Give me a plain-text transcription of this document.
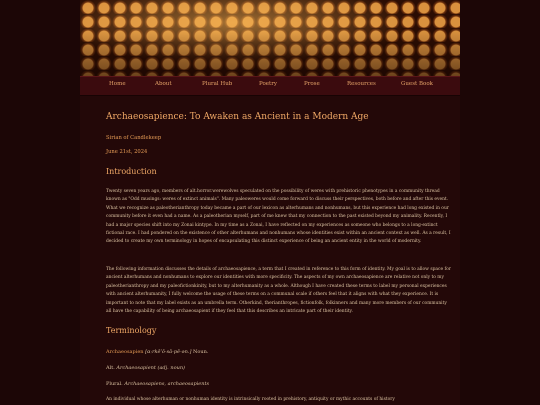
Home	About	Plural Hub	Poetry	Prose	Resources	Guest Book
Archaeosapience: To Awaken as Ancient in a Modern Age
Sirian of Candlekeep
June 21st, 2024
Introduction
Twenty seven years ago, members of alt.horror.werewolves speculated on the possibility of weres with prehistoric phenotypes in a community thread known as "Odd musings: weres of extinct animals". Many paleoweres would come forward to discuss their perspectives, both before and after this event. What we recognize as paleotherianthropy today became a part of our lexicon as alterhumans and nonhumans, but this experience had long existed in our community before it even had a name. As a paleotherian myself, part of me knew that my connection to the past existed beyond my animality. Recently, I had a major species shift into my Zonai kintype. In my time as a Zonai, I have reflected on my experiences as someone who belongs to a long-extinct fictional race. I had pondered on the existence of other alterhumans and nonhumans whose identities exist within an ancient context as well. As a result, I decided to create my own terminology in hopes of encapsulating this distinct experience of being an ancient entity in the world of modernity.
The following information discusses the details of archaeosapience, a term that I created in reference to this form of identity. My goal is to allow space for ancient alterhumans and nonhumans to explore our identities with more specificity. The aspects of my own archaeosapience are relative not only to my paleotherianthropy and my paleofictionkinity, but to my alterhumanity as a whole. Although I have created these terms to label my personal experiences with ancient alterhumanity, I fully welcome the usage of these terms on a communal scale if others feel that it aligns with what they experience. It is important to note that my label exists as an umbrella term. Otherkind, therianthropes, fictionfolk, folkinners and many more members of our community all have the capability of being archaeosapient if they feel that this describes an intricate part of their identity.
Terminology
Archaeosapien [ɑːrkēˈō-sā-pē-ən.] Noun.
Alt. Archaeosapient (adj. noun)
Plural. Archaeosapiens, archaeosapients
An individual whose alterhuman or nonhuman identity is intrinsically rooted in prehistory, antiquity or mythic accounts of history
